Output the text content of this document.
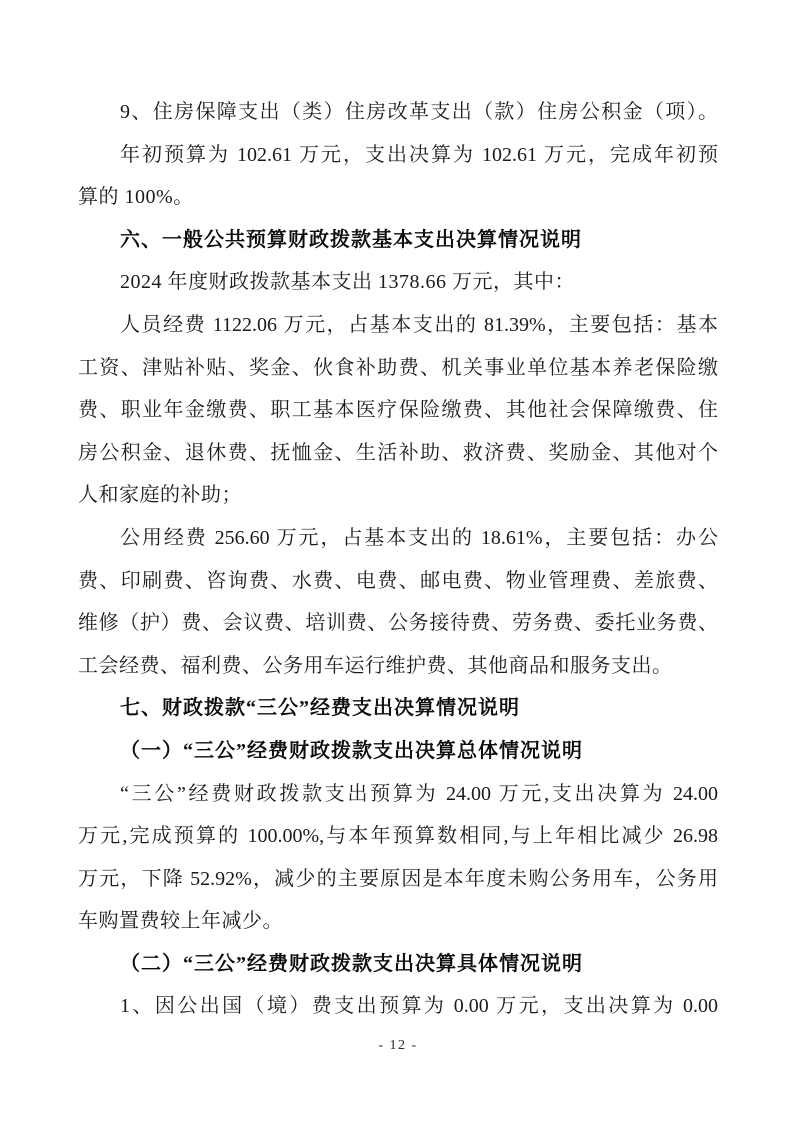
9、住房保障支出（类）住房改革支出（款）住房公积金（项）。
年初预算为 102.61 万元，支出决算为 102.61 万元，完成年初预
算的 100%。
六、一般公共预算财政拨款基本支出决算情况说明
2024 年度财政拨款基本支出 1378.66 万元，其中：
人员经费 1122.06 万元，占基本支出的 81.39%，主要包括：基本
工资、津贴补贴、奖金、伙食补助费、机关事业单位基本养老保险缴
费、职业年金缴费、职工基本医疗保险缴费、其他社会保障缴费、住
房公积金、退休费、抚恤金、生活补助、救济费、奖励金、其他对个
人和家庭的补助；
公用经费 256.60 万元，占基本支出的 18.61%，主要包括：办公
费、印刷费、咨询费、水费、电费、邮电费、物业管理费、差旅费、
维修（护）费、会议费、培训费、公务接待费、劳务费、委托业务费、
工会经费、福利费、公务用车运行维护费、其他商品和服务支出。
七、财政拨款“三公”经费支出决算情况说明
（一）“三公”经费财政拨款支出决算总体情况说明
“三公”经费财政拨款支出预算为 24.00 万元,支出决算为 24.00
万元,完成预算的 100.00%,与本年预算数相同,与上年相比减少 26.98
万元，下降 52.92%，减少的主要原因是本年度未购公务用车，公务用
车购置费较上年减少。
（二）“三公”经费财政拨款支出决算具体情况说明
1、因公出国（境）费支出预算为 0.00 万元，支出决算为 0.00
- 12 -
